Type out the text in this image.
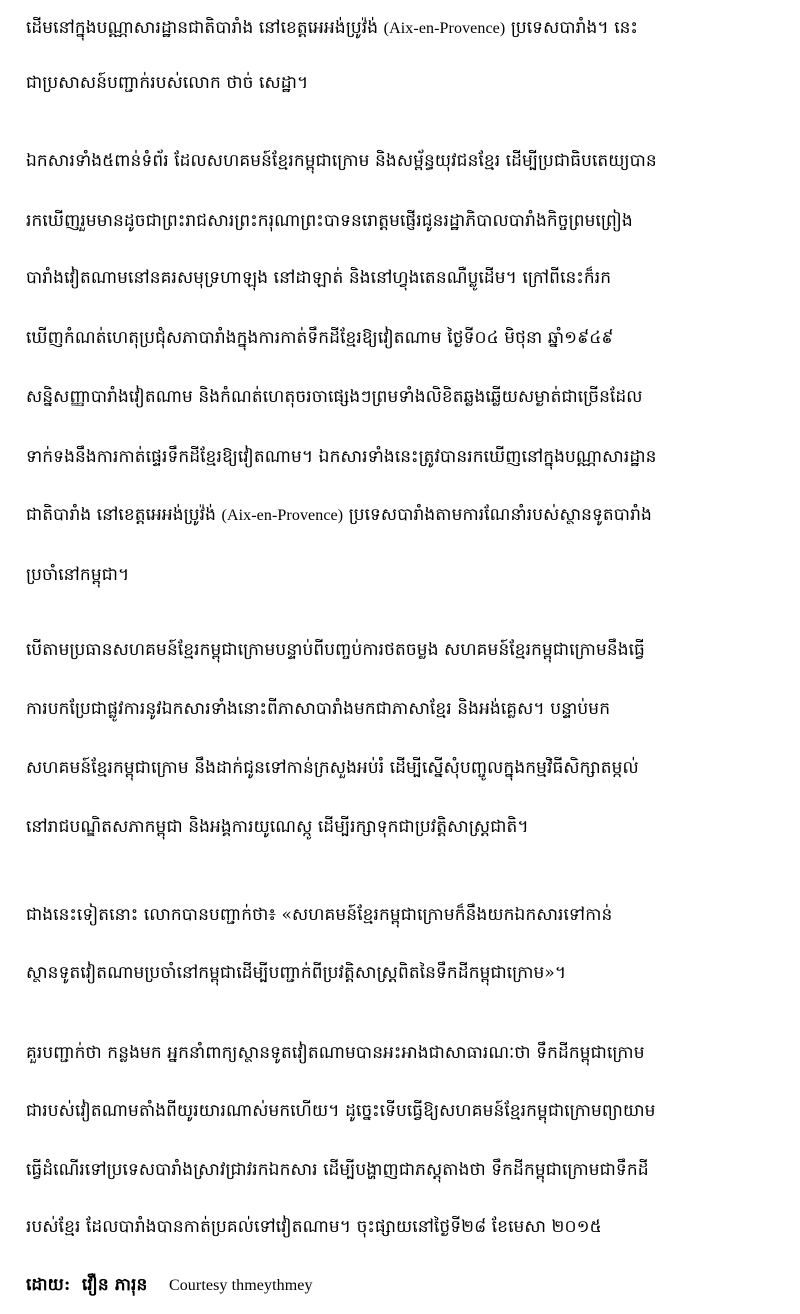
ដើមនៅក្នុងបណ្ណាសារដ្ឋានជាតិបារាំង នៅខេត្តអេអង់ប្រូវ៉ង់ (Aix-en-Provence) ប្រទេសបារាំង។ នេះ
ជាប្រសាសន៍បញ្ជាក់របស់លោក ថាច់ សេដ្ឋា។
ឯកសារទាំង៥ពាន់ទំព័រ ដែលសហគមន៍ខ្មែរកម្ពុជាក្រោម និងសម្ព័ន្ធយុវជនខ្មែរ ដើម្បីប្រជាធិបតេយ្យបាន
រកឃើញរួមមានដូចជាព្រះរាជសារព្រះករុណាព្រះបាទនរោត្តមផ្ញើរជូនរដ្ឋាភិបាលបារាំងកិច្ចព្រមព្រៀង
បារាំងវៀតណាមនៅនគរសមុទ្រហាឡុង នៅដាឡាត់ និងនៅហ្វុងតេនណឺប្លូដើម។ ក្រៅពីនេះក៏រក
ឃើញកំណត់ហេតុប្រជុំសភាបារាំងក្នុងការកាត់ទឹកដីខ្មែរឱ្យវៀតណាម ថ្ងៃទី០៤ មិថុនា ឆ្នាំ១៩៤៩
សន្និសញ្ញាបារាំងវៀតណាម និងកំណត់ហេតុចរចាផ្សេងៗព្រមទាំងលិខិតឆ្លងឆ្លើយសម្ងាត់ជាច្រើនដែល
ទាក់ទងនឹងការកាត់ផ្ទេរទឹកដីខ្មែរឱ្យវៀតណាម។ ឯកសារទាំងនេះត្រូវបានរកឃើញនៅក្នុងបណ្ណាសារដ្ឋាន
ជាតិបារាំង នៅខេត្តអេអង់ប្រូវ៉ង់ (Aix-en-Provence) ប្រទេសបារាំងតាមការណែនាំរបស់ស្ថានទូតបារាំង
ប្រចាំនៅកម្ពុជា។
បើតាមប្រធានសហគមន៍ខ្មែរកម្ពុជាក្រោមបន្ទាប់ពីបញ្ចប់ការថតចម្លង សហគមន៍ខ្មែរកម្ពុជាក្រោមនឹងធ្វើ
ការបកប្រែជាផ្លូវការនូវឯកសារទាំងនោះពីភាសាបារាំងមកជាភាសាខ្មែរ និងអង់គ្លេស។ បន្ទាប់មក
សហគមន៍ខ្មែរកម្ពុជាក្រោម នឹងដាក់ជូនទៅកាន់ក្រសួងអប់រំ ដើម្បីស្នើសុំបញ្ចូលក្នុងកម្មវិធីសិក្សាតម្កល់
នៅរាជបណ្ឌិតសភាកម្ពុជា និងអង្គការយូណេស្កូ ដើម្បីរក្សាទុកជាប្រវត្តិសាស្ត្រជាតិ។
ជាងនេះទៀតនោះ លោកបានបញ្ជាក់ថា៖ «សហគមន៍ខ្មែរកម្ពុជាក្រោមក៏នឹងយកឯកសារទៅកាន់
ស្ថានទូតវៀតណាមប្រចាំនៅកម្ពុជាដើម្បីបញ្ជាក់ពីប្រវត្តិសាស្ត្រពិតនៃទឹកដីកម្ពុជាក្រោម»។
គួរបញ្ជាក់ថា កន្លងមក អ្នកនាំពាក្យស្ថានទូតវៀតណាមបានអះអាងជាសាធារណៈថា ទឹកដីកម្ពុជាក្រោម
ជារបស់វៀតណាមតាំងពីយូរយារណាស់មកហើយ។ ដូច្នេះទើបធ្វើឱ្យសហគមន៍ខ្មែរកម្ពុជាក្រោមព្យាយាម
ធ្វើដំណើរទៅប្រទេសបារាំងស្រាវជ្រាវរកឯកសារ ដើម្បីបង្ហាញជាភស្តុតាងថា ទឹកដីកម្ពុជាក្រោមជាទឹកដី
របស់ខ្មែរ ដែលបារាំងបានកាត់ប្រគល់ទៅវៀតណាម។ ចុះផ្សាយនៅថ្ងៃទី២៨ ខែមេសា ២០១៥
ដោយ: វឿន ភារុន Courtesy thmeythmey
